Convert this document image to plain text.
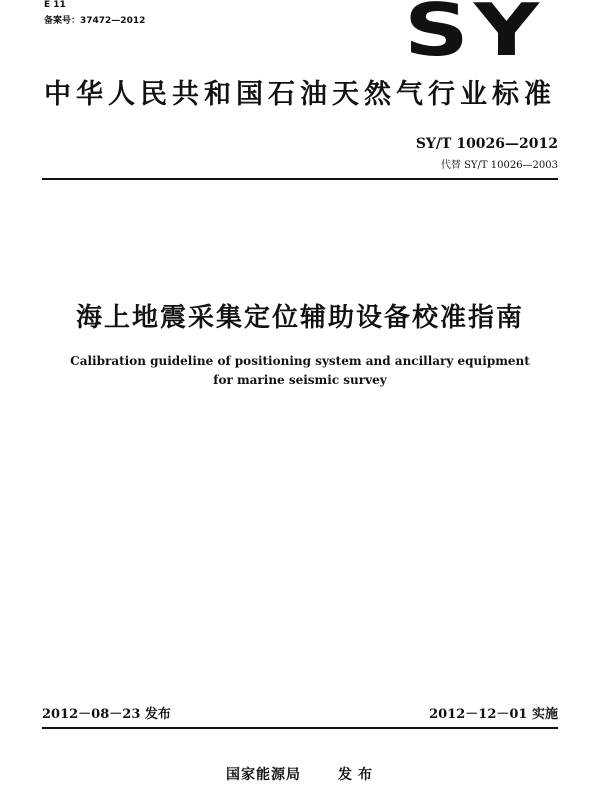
E 11
备案号：37472—2012	SY
中华人民共和国石油天然气行业标准
SY/T 10026—2012
代替 SY/T 10026—2003
海上地震采集定位辅助设备校准指南
Calibration guideline of positioning system and ancillary equipment
for marine seismic survey
2012－08－23 发布	2012－12－01 实施
国家能源局	发布
